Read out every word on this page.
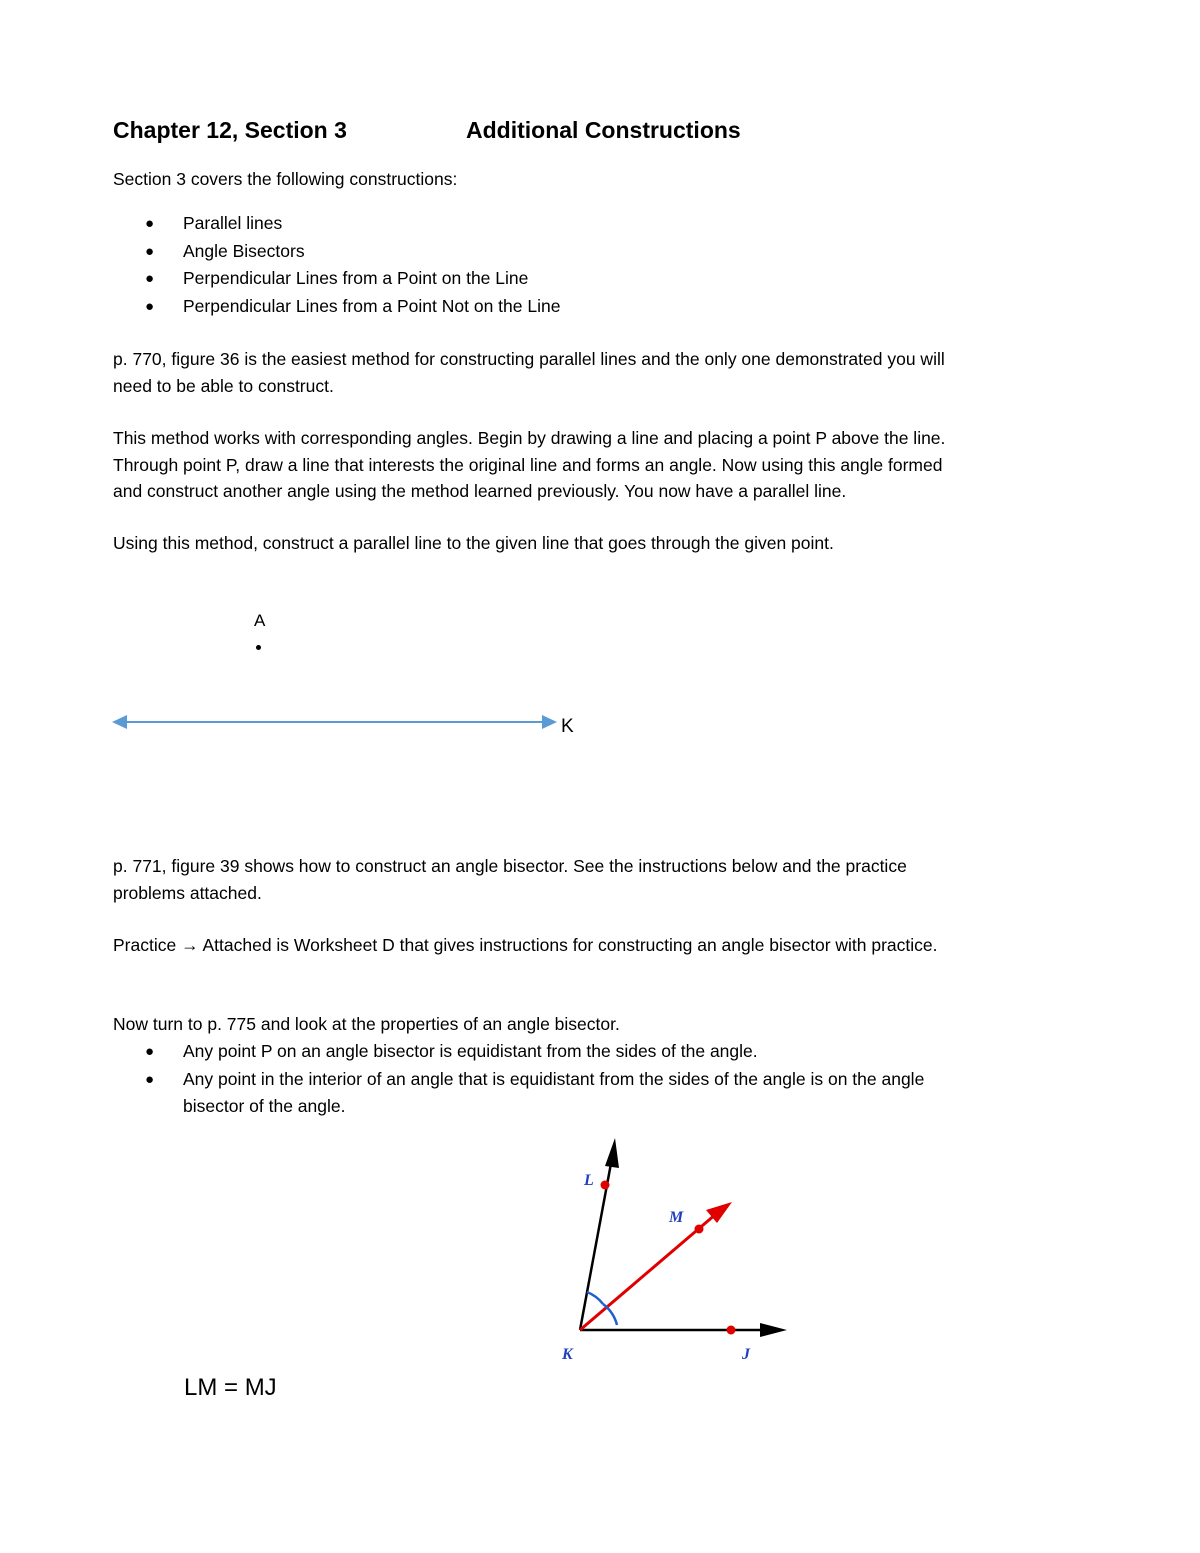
Chapter 12, Section 3	Additional Constructions
Section 3 covers the following constructions:
● Parallel lines
● Angle Bisectors
● Perpendicular Lines from a Point on the Line
● Perpendicular Lines from a Point Not on the Line
p. 770, figure 36 is the easiest method for constructing parallel lines and the only one demonstrated you will
need to be able to construct.
This method works with corresponding angles. Begin by drawing a line and placing a point P above the line.
Through point P, draw a line that interests the original line and forms an angle. Now using this angle formed
and construct another angle using the method learned previously. You now have a parallel line.
Using this method, construct a parallel line to the given line that goes through the given point.
A
K
p. 771, figure 39 shows how to construct an angle bisector. See the instructions below and the practice
problems attached.
Practice → Attached is Worksheet D that gives instructions for constructing an angle bisector with practice.
Now turn to p. 775 and look at the properties of an angle bisector.
● Any point P on an angle bisector is equidistant from the sides of the angle.
● Any point in the interior of an angle that is equidistant from the sides of the angle is on the angle
bisector of the angle.
L
M
K	J
LM = MJ
